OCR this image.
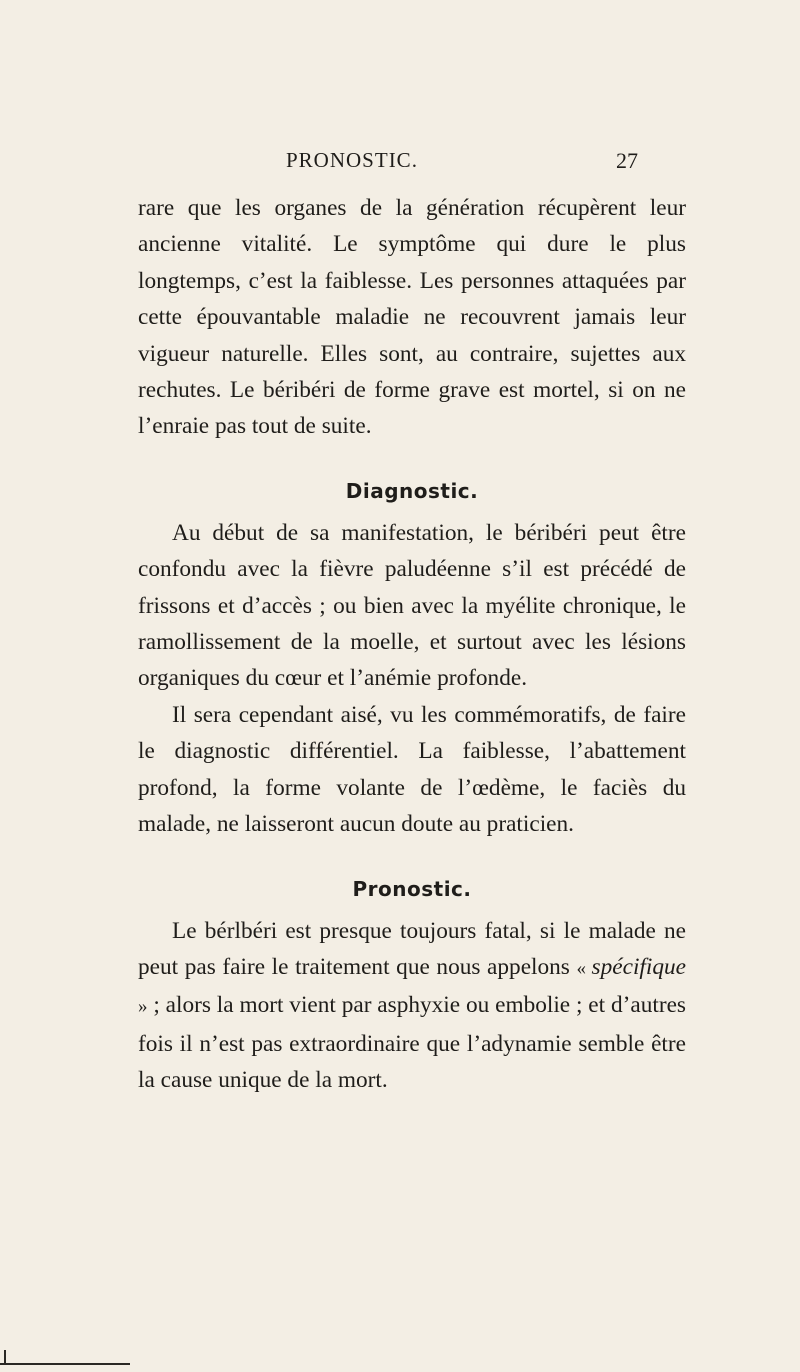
PRONOSTIC.	27

rare que les organes de la génération récupèrent leur ancienne vitalité. Le symptôme qui dure le plus longtemps, c’est la faiblesse. Les personnes attaquées par cette épouvantable maladie ne recouvrent jamais leur vigueur naturelle. Elles sont, au contraire, sujettes aux rechutes. Le béribéri de forme grave est mortel, si on ne l’enraie pas tout de suite.

Diagnostic.

Au début de sa manifestation, le béribéri peut être confondu avec la fièvre paludéenne s’il est précédé de frissons et d’accès ; ou bien avec la myélite chronique, le ramollissement de la moelle, et surtout avec les lésions organiques du cœur et l’anémie profonde.

Il sera cependant aisé, vu les commémoratifs, de faire le diagnostic différentiel. La faiblesse, l’abattement profond, la forme volante de l’œdème, le faciès du malade, ne laisseront aucun doute au praticien.

Pronostic.

Le bérlbéri est presque toujours fatal, si le malade ne peut pas faire le traitement que nous appelons « spécifique » ; alors la mort vient par asphyxie ou embolie ; et d’autres fois il n’est pas extraordinaire que l’adynamie semble être la cause unique de la mort.
